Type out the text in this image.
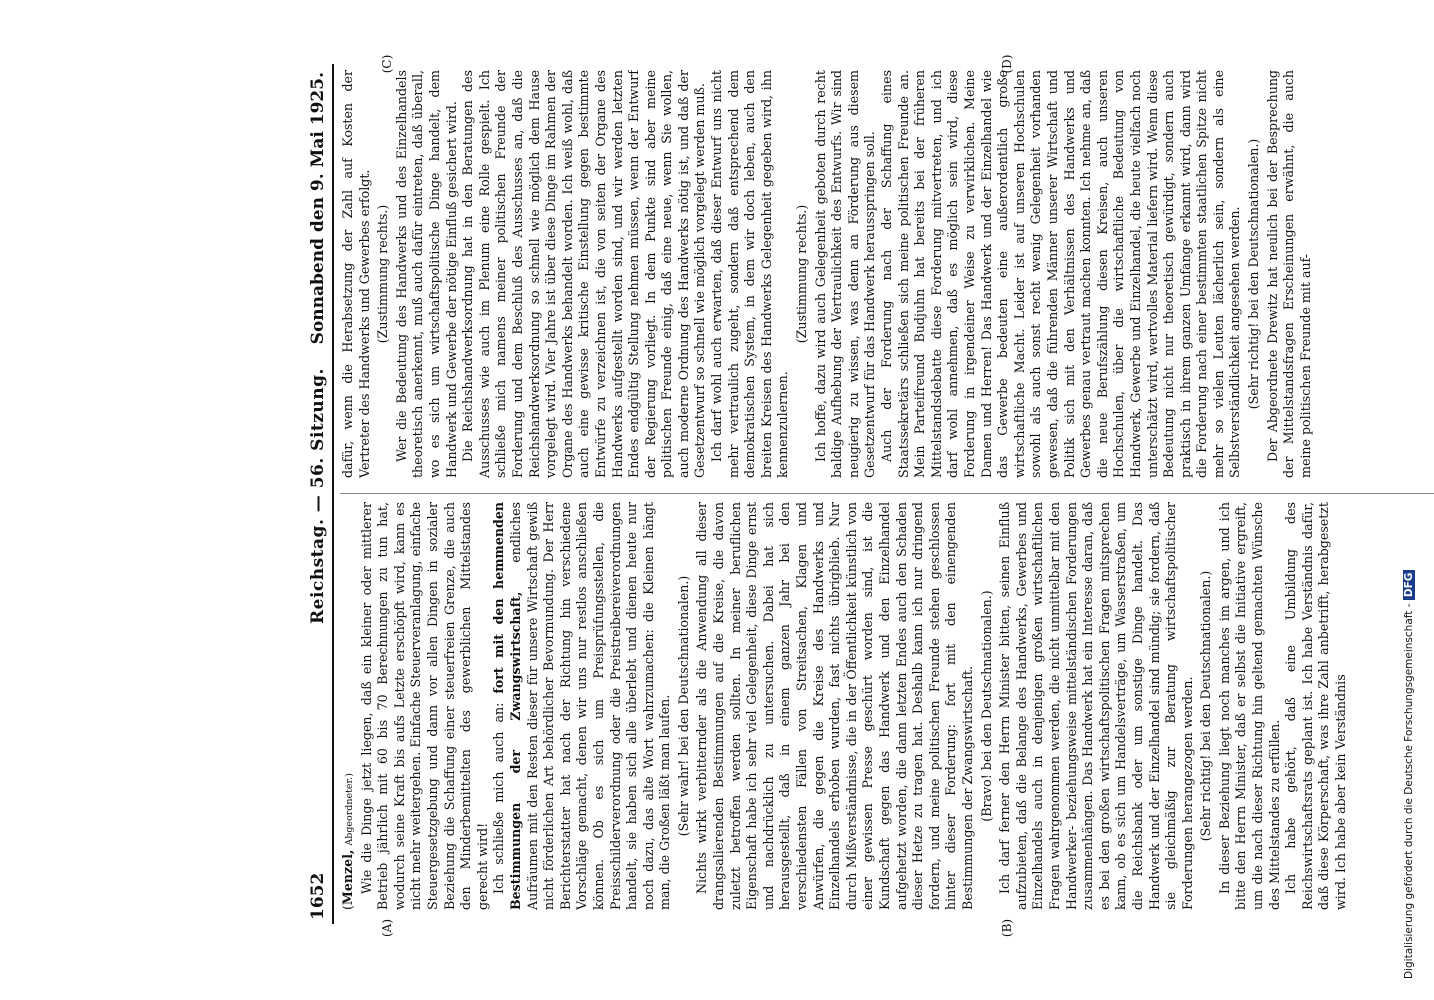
1652
Reichstag. — 56. Sitzung.
Sonnabend den 9. Mai 1925.
(A)	(B)
(C)	(D)

(Menzel, Abgeordneter.) Wie die Dinge jetzt liegen, daß ein kleiner oder mittlerer Betrieb jährlich mit 60 bis 70 Berechnungen zu tun hat, wodurch seine Kraft bis aufs Letzte erschöpft wird, kann es nicht mehr weitergehen. Einfache Steuerveranlagung, einfache Steuergesetzgebung und dann vor allen Dingen in sozialer Beziehung die Schaffung einer steuerfreien Grenze, die auch den Minderbemittelten des gewerblichen Mittelstandes gerecht wird! Ich schließe mich auch an: fort mit den hemmenden Bestimmungen der Zwangswirtschaft, endliches Aufräumen mit den Resten dieser für unsere Wirtschaft gewiß nicht förderlichen Art behördlicher Bevormundung. Der Herr Berichterstatter hat nach der Richtung hin verschiedene Vorschläge gemacht, denen wir uns nur restlos anschließen können. Ob es sich um Preisprüfungsstellen, die Preisschilderverordnung oder die Preistreibereiverordnungen handelt, sie haben sich alle überlebt und dienen heute nur noch dazu, das alte Wort wahrzumachen: die Kleinen hängt man, die Großen läßt man laufen. (Sehr wahr! bei den Deutschnationalen.) Nichts wirkt verbitternder als die Anwendung all dieser drangsalierenden Bestimmungen auf die Kreise, die davon zuletzt betroffen werden sollten. In meiner beruflichen Eigenschaft habe ich sehr viel Gelegenheit, diese Dinge ernst und nachdrücklich zu untersuchen. Dabei hat sich herausgestellt, daß in einem ganzen Jahr bei den verschiedensten Fällen von Streitsachen, Klagen und Anwürfen, die gegen die Kreise des Handwerks und Einzelhandels erhoben wurden, fast nichts übrigblieb. Nur durch Mißverständnisse, die in der Öffentlichkeit künstlich von einer gewissen Presse geschürt worden sind, ist die Kundschaft gegen das Handwerk und den Einzelhandel aufgehetzt worden, die dann letzten Endes auch den Schaden dieser Hetze zu tragen hat. Deshalb kann ich nur dringend fordern, und meine politischen Freunde stehen geschlossen hinter dieser Forderung: fort mit den einengenden Bestimmungen der Zwangswirtschaft. (Bravo! bei den Deutschnationalen.) Ich darf ferner den Herrn Minister bitten, seinen Einfluß aufzubieten, daß die Belange des Handwerks, Gewerbes und Einzelhandels auch in denjenigen großen wirtschaftlichen Fragen wahrgenommen werden, die nicht unmittelbar mit den Handwerker- beziehungsweise mittelständischen Forderungen zusammenhängen. Das Handwerk hat ein Interesse daran, daß es bei den großen wirtschaftspolitischen Fragen mitsprechen kann, ob es sich um Handelsverträge, um Wasserstraßen, um die Reichsbank oder um sonstige Dinge handelt. Das Handwerk und der Einzelhandel sind mündig; sie fordern, daß sie gleichmäßig zur Beratung wirtschaftspolitischer Forderungen herangezogen werden. (Sehr richtig! bei den Deutschnationalen.) In dieser Beziehung liegt noch manches im argen, und ich bitte den Herrn Minister, daß er selbst die Initiative ergreift, um die nach dieser Richtung hin geltend gemachten Wünsche des Mittelstandes zu erfüllen. Ich habe gehört, daß eine Umbildung des Reichswirtschaftsrats geplant ist. Ich habe Verständnis dafür, daß diese Körperschaft, was ihre Zahl anbetrifft, herabgesetzt wird. Ich habe aber kein Verständnis

dafür, wenn die Herabsetzung der Zahl auf Kosten der Vertreter des Handwerks und Gewerbes erfolgt. (Zustimmung rechts.) Wer die Bedeutung des Handwerks und des Einzelhandels theoretisch anerkennt, muß auch dafür eintreten, daß überall, wo es sich um wirtschaftspolitische Dinge handelt, dem Handwerk und Gewerbe der nötige Einfluß gesichert wird. Die Reichshandwerksordnung hat in den Beratungen des Ausschusses wie auch im Plenum eine Rolle gespielt. Ich schließe mich namens meiner politischen Freunde der Forderung und dem Beschluß des Ausschusses an, daß die Reichshandwerksordnung so schnell wie möglich dem Hause vorgelegt wird. Vier Jahre ist über diese Dinge im Rahmen der Organe des Handwerks behandelt worden. Ich weiß wohl, daß auch eine gewisse kritische Einstellung gegen bestimmte Entwürfe zu verzeichnen ist, die von seiten der Organe des Handwerks aufgestellt worden sind, und wir werden letzten Endes endgültig Stellung nehmen müssen, wenn der Entwurf der Regierung vorliegt. In dem Punkte sind aber meine politischen Freunde einig, daß eine neue, wenn Sie wollen, auch moderne Ordnung des Handwerks nötig ist, und daß der Gesetzentwurf so schnell wie möglich vorgelegt werden muß. Ich darf wohl auch erwarten, daß dieser Entwurf uns nicht mehr vertraulich zugeht, sondern daß entsprechend dem demokratischen System, in dem wir doch leben, auch den breiten Kreisen des Handwerks Gelegenheit gegeben wird, ihn kennenzulernen.

(Zustimmung rechts.) Ich hoffe, dazu wird auch Gelegenheit geboten durch recht baldige Aufhebung der Vertraulichkeit des Entwurfs. Wir sind neugierig zu wissen, was denn an Förderung aus diesem Gesetzentwurf für das Handwerk herausspringen soll. Auch der Forderung nach der Schaffung eines Staatssekretärs schließen sich meine politischen Freunde an. Mein Parteifreund Budjuhn hat bereits bei der früheren Mittelstandsdebatte diese Forderung mitvertreten, und ich darf wohl annehmen, daß es möglich sein wird, diese Forderung in irgendeiner Weise zu verwirklichen. Meine Damen und Herren! Das Handwerk und der Einzelhandel wie das Gewerbe bedeuten eine außerordentlich große wirtschaftliche Macht. Leider ist auf unseren Hochschulen sowohl als auch sonst recht wenig Gelegenheit vorhanden gewesen, daß die führenden Männer unserer Wirtschaft und Politik sich mit den Verhältnissen des Handwerks und Gewerbes genau vertraut machen konnten. Ich nehme an, daß die neue Berufszählung diesen Kreisen, auch unseren Hochschulen, über die wirtschaftliche Bedeutung von Handwerk, Gewerbe und Einzelhandel, die heute vielfach noch unterschätzt wird, wertvolles Material liefern wird. Wenn diese Bedeutung nicht nur theoretisch gewürdigt, sondern auch praktisch in ihrem ganzen Umfange erkannt wird, dann wird die Forderung nach einer bestimmten staatlichen Spitze nicht mehr so vielen Leuten lächerlich sein, sondern als eine Selbstverständlichkeit angesehen werden. (Sehr richtig! bei den Deutschnationalen.) Der Abgeordnete Drewitz hat neulich bei der Besprechung der Mittelstandsfragen Erscheinungen erwähnt, die auch meine politischen Freunde mit auf-

Digitalisierung gefördert durch die Deutsche Forschungsgemeinschaft - DFG
